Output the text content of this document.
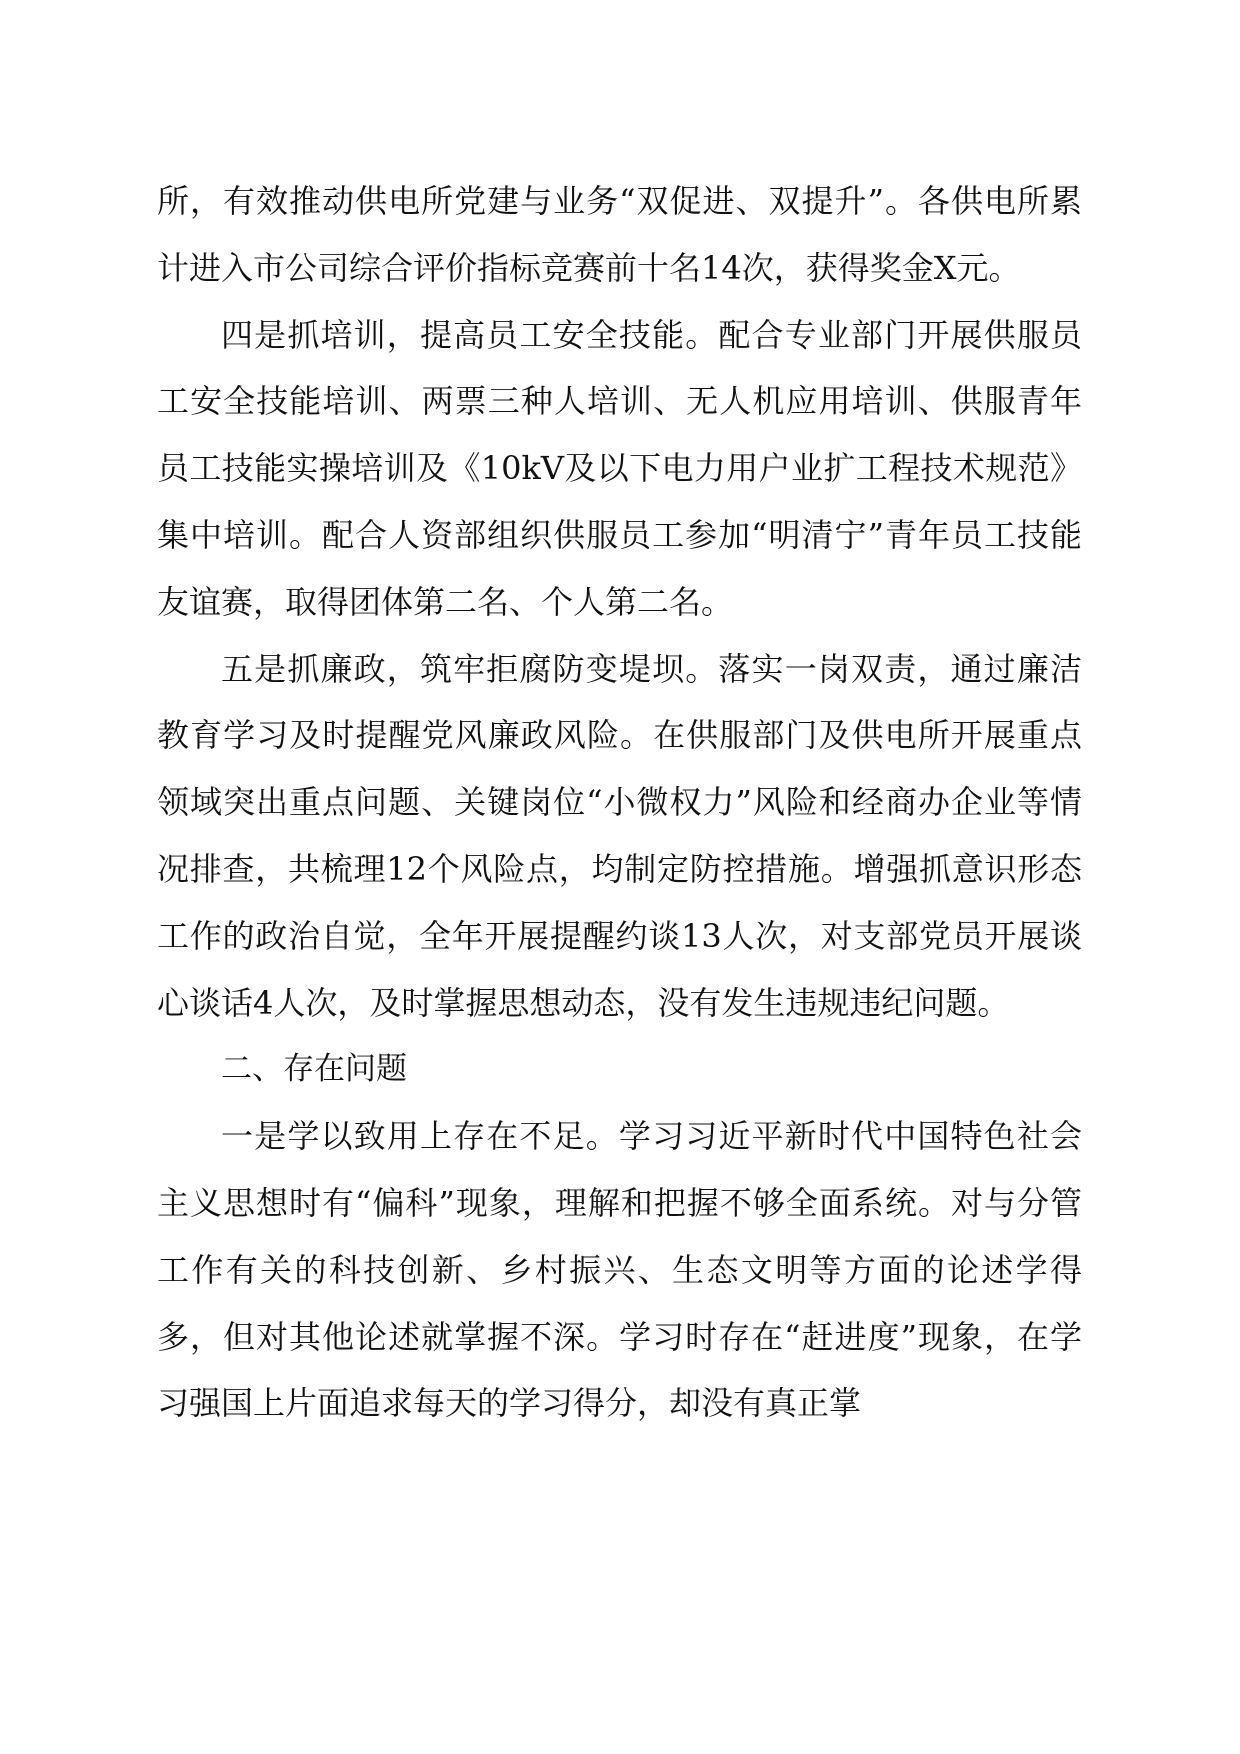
所，有效推动供电所党建与业务“双促进、双提升”。各供电所累计进入市公司综合评价指标竞赛前十名14次，获得奖金X元。

四是抓培训，提高员工安全技能。配合专业部门开展供服员工安全技能培训、两票三种人培训、无人机应用培训、供服青年员工技能实操培训及《10kV及以下电力用户业扩工程技术规范》集中培训。配合人资部组织供服员工参加“明清宁”青年员工技能友谊赛，取得团体第二名、个人第二名。

五是抓廉政，筑牢拒腐防变堤坝。落实一岗双责，通过廉洁教育学习及时提醒党风廉政风险。在供服部门及供电所开展重点领域突出重点问题、关键岗位“小微权力”风险和经商办企业等情况排查，共梳理12个风险点，均制定防控措施。增强抓意识形态工作的政治自觉，全年开展提醒约谈13人次，对支部党员开展谈心谈话4人次，及时掌握思想动态，没有发生违规违纪问题。

二、存在问题

一是学以致用上存在不足。学习习近平新时代中国特色社会主义思想时有“偏科”现象，理解和把握不够全面系统。对与分管工作有关的科技创新、乡村振兴、生态文明等方面的论述学得多，但对其他论述就掌握不深。学习时存在“赶进度”现象，在学习强国上片面追求每天的学习得分，却没有真正掌
